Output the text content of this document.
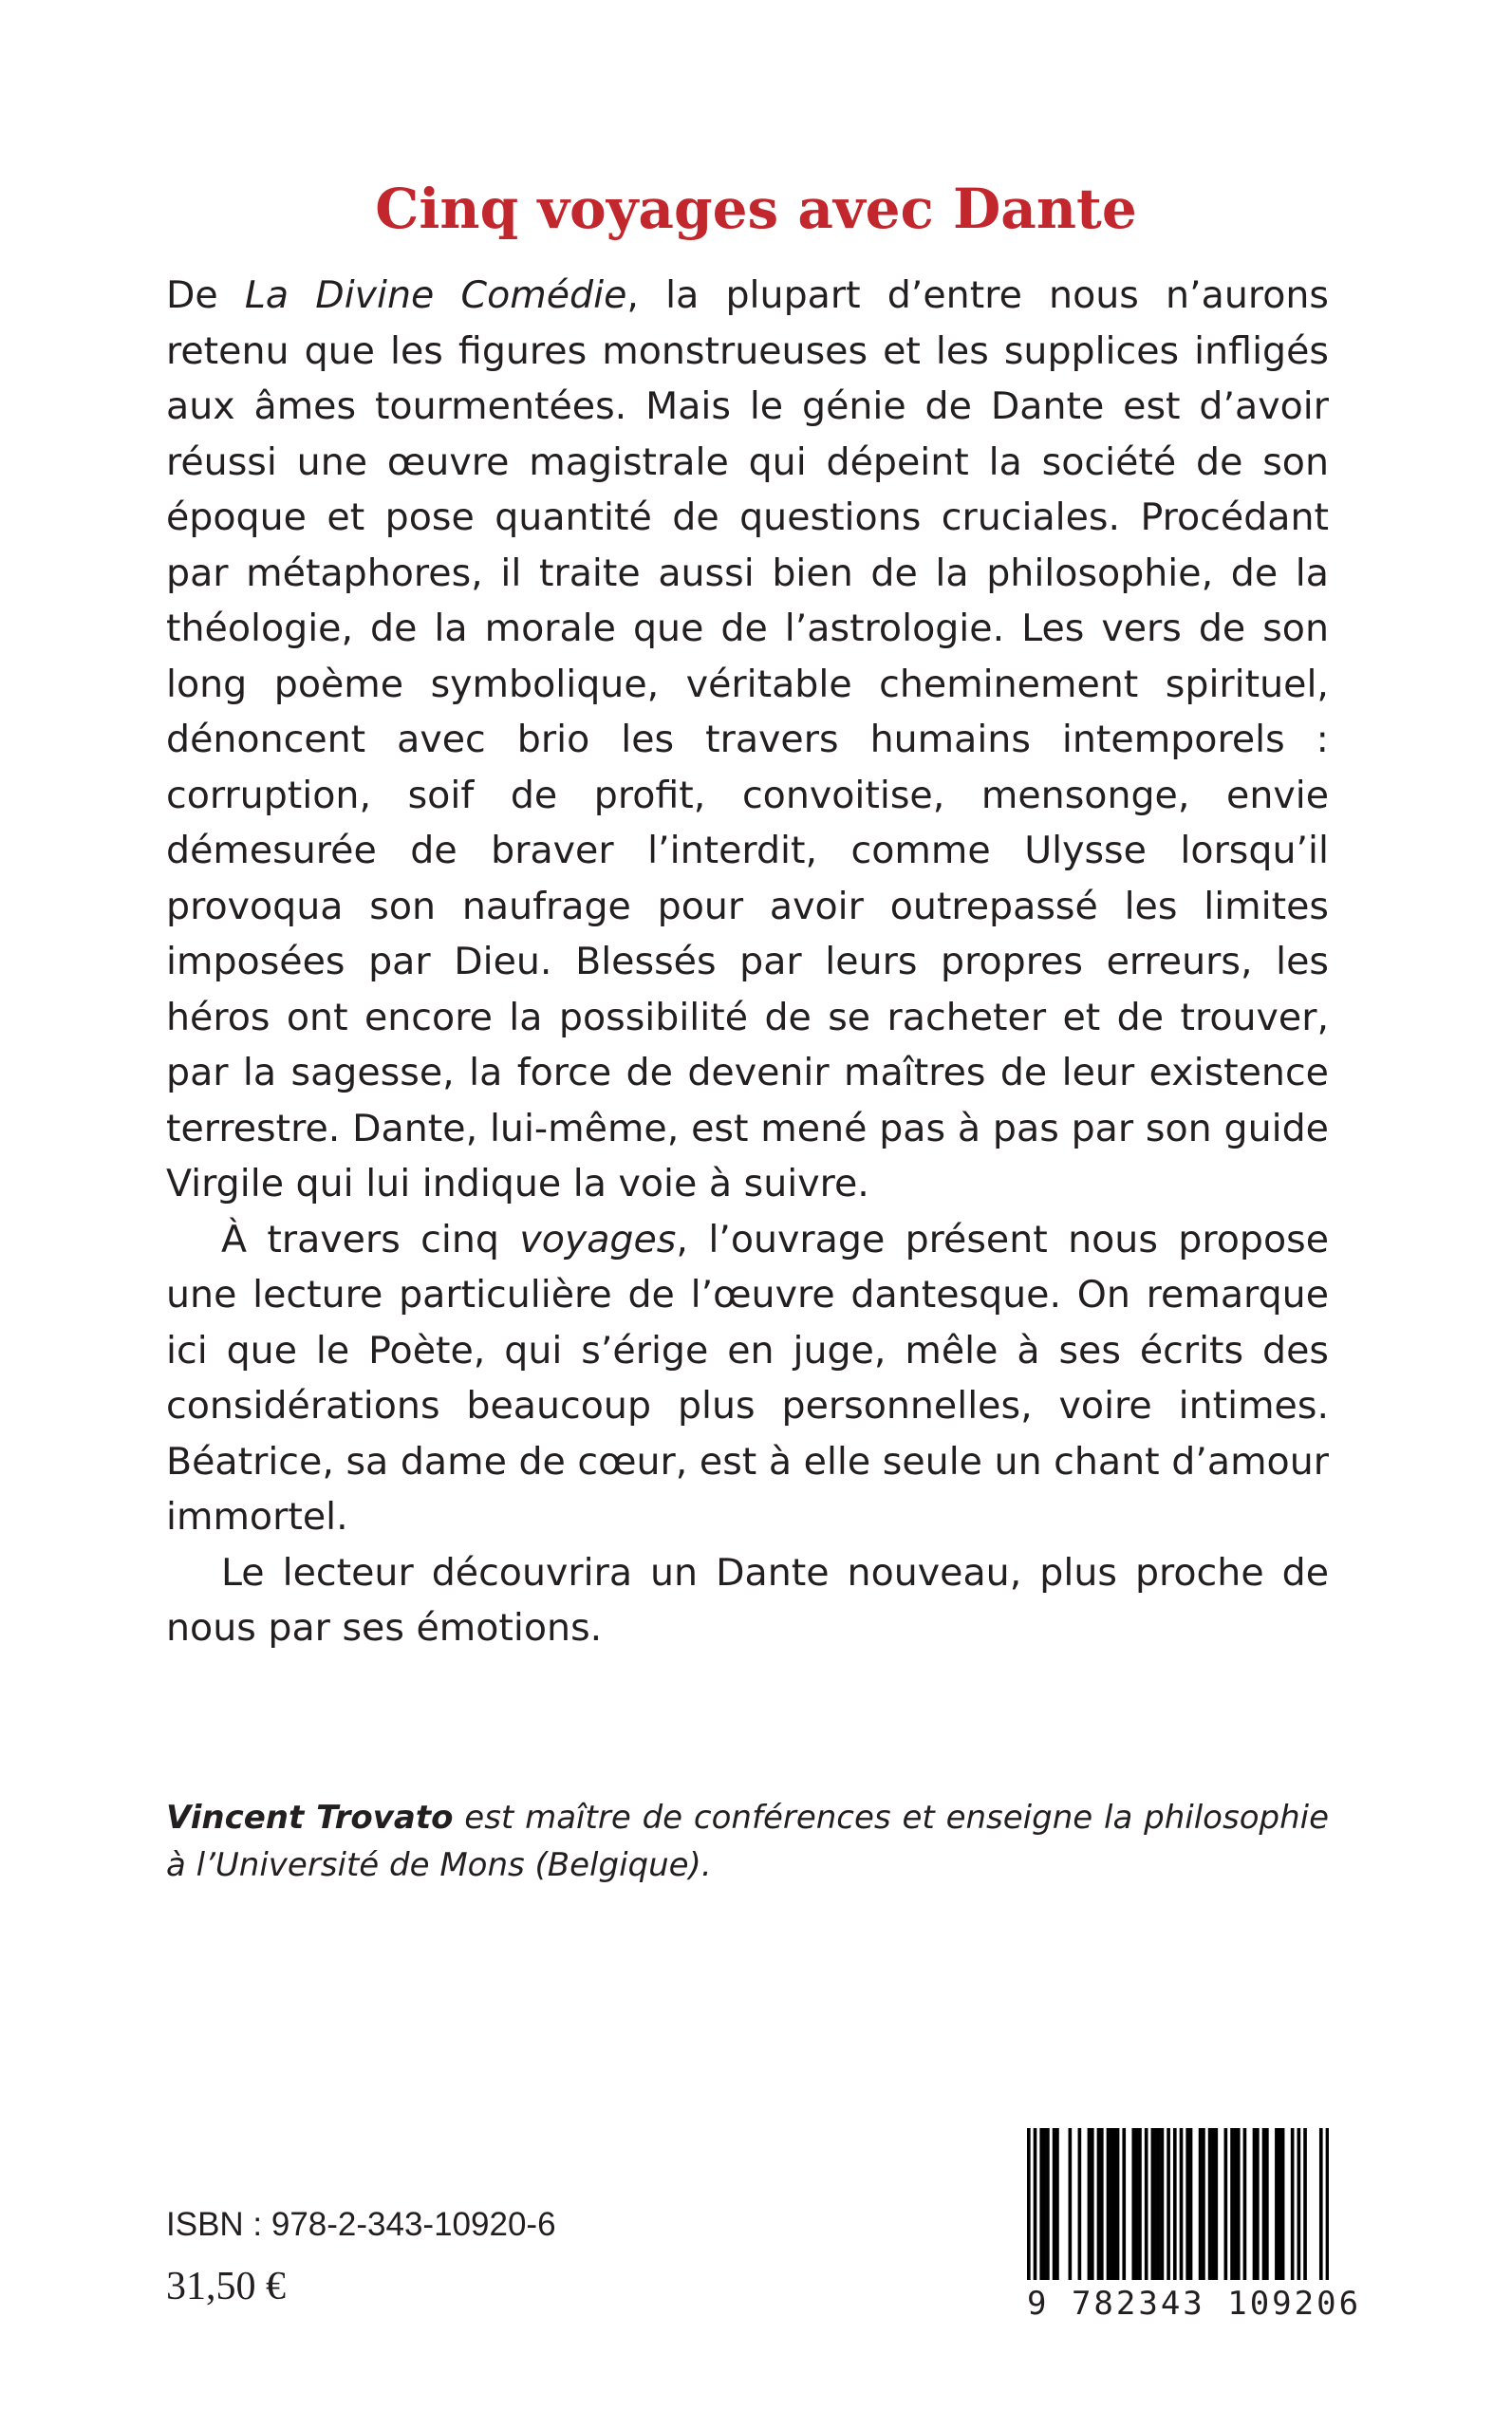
Cinq voyages avec Dante

De La Divine Comédie, la plupart d’entre nous n’aurons retenu que les figures monstrueuses et les supplices infligés aux âmes tourmentées. Mais le génie de Dante est d’avoir réussi une œuvre magistrale qui dépeint la société de son époque et pose quantité de questions cruciales. Procédant par métaphores, il traite aussi bien de la philosophie, de la théologie, de la morale que de l’astrologie. Les vers de son long poème symbolique, véritable cheminement spirituel, dénoncent avec brio les travers humains intemporels : corruption, soif de profit, convoitise, mensonge, envie démesurée de braver l’interdit, comme Ulysse lorsqu’il provoqua son naufrage pour avoir outrepassé les limites imposées par Dieu. Blessés par leurs propres erreurs, les héros ont encore la possibilité de se racheter et de trouver, par la sagesse, la force de devenir maîtres de leur existence terrestre. Dante, lui-même, est mené pas à pas par son guide Virgile qui lui indique la voie à suivre.

À travers cinq voyages, l’ouvrage présent nous propose une lecture particulière de l’œuvre dantesque. On remarque ici que le Poète, qui s’érige en juge, mêle à ses écrits des considérations beaucoup plus personnelles, voire intimes. Béatrice, sa dame de cœur, est à elle seule un chant d’amour immortel.

Le lecteur découvrira un Dante nouveau, plus proche de nous par ses émotions.

Vincent Trovato est maître de conférences et enseigne la philosophie à l’Université de Mons (Belgique).

ISBN : 978-2-343-10920-6
31,50 €	9 782343 109206
